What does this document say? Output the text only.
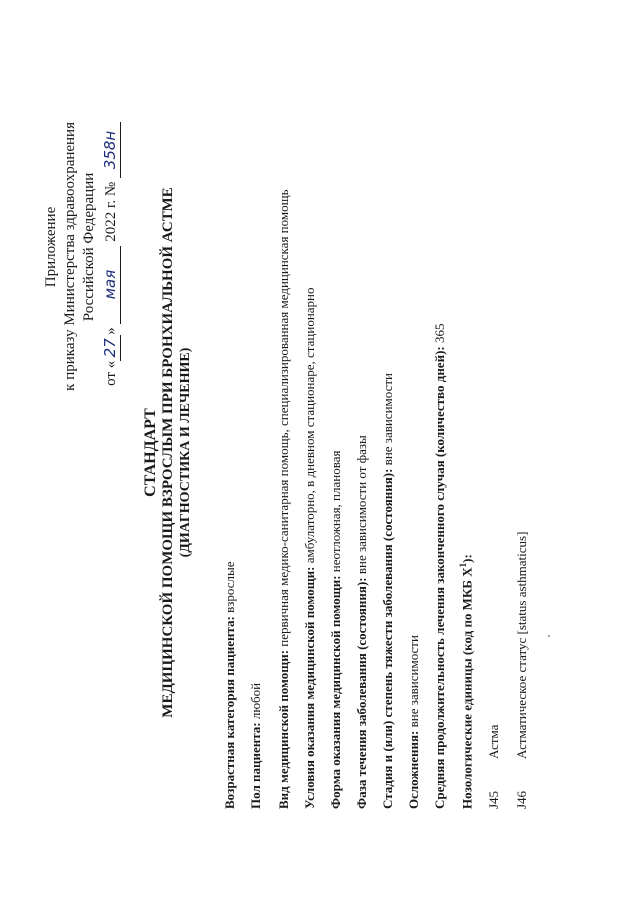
Приложение к приказу Министерства здравоохранения Российской Федерации
от «27» мая 2022 г. № 358н
СТАНДАРТ МЕДИЦИНСКОЙ ПОМОЩИ ВЗРОСЛЫМ ПРИ БРОНХИАЛЬНОЙ АСТМЕ (ДИАГНОСТИКА И ЛЕЧЕНИЕ)
Возрастная категория пациента: взрослые
Пол пациента: любой Вид медицинской помощи: первичная медико-санитарная помощь, специализированная медицинская помощь
Условия оказания медицинской помощи: амбулаторно, в дневном стационаре, стационарно
Форма оказания медицинской помощи: неотложная, плановая
Фаза течения заболевания (состояния): вне зависимости от фазы Стадия и (или) степень тяжести заболевания (состояния): вне зависимости
Осложнения: вне зависимости Средняя продолжительность лечения законченного случая (количество дней): 365
Нозологические единицы (код по МКБ $X^1$):
J45
Астма
J46
Астматическое статус [status asthmaticus]
